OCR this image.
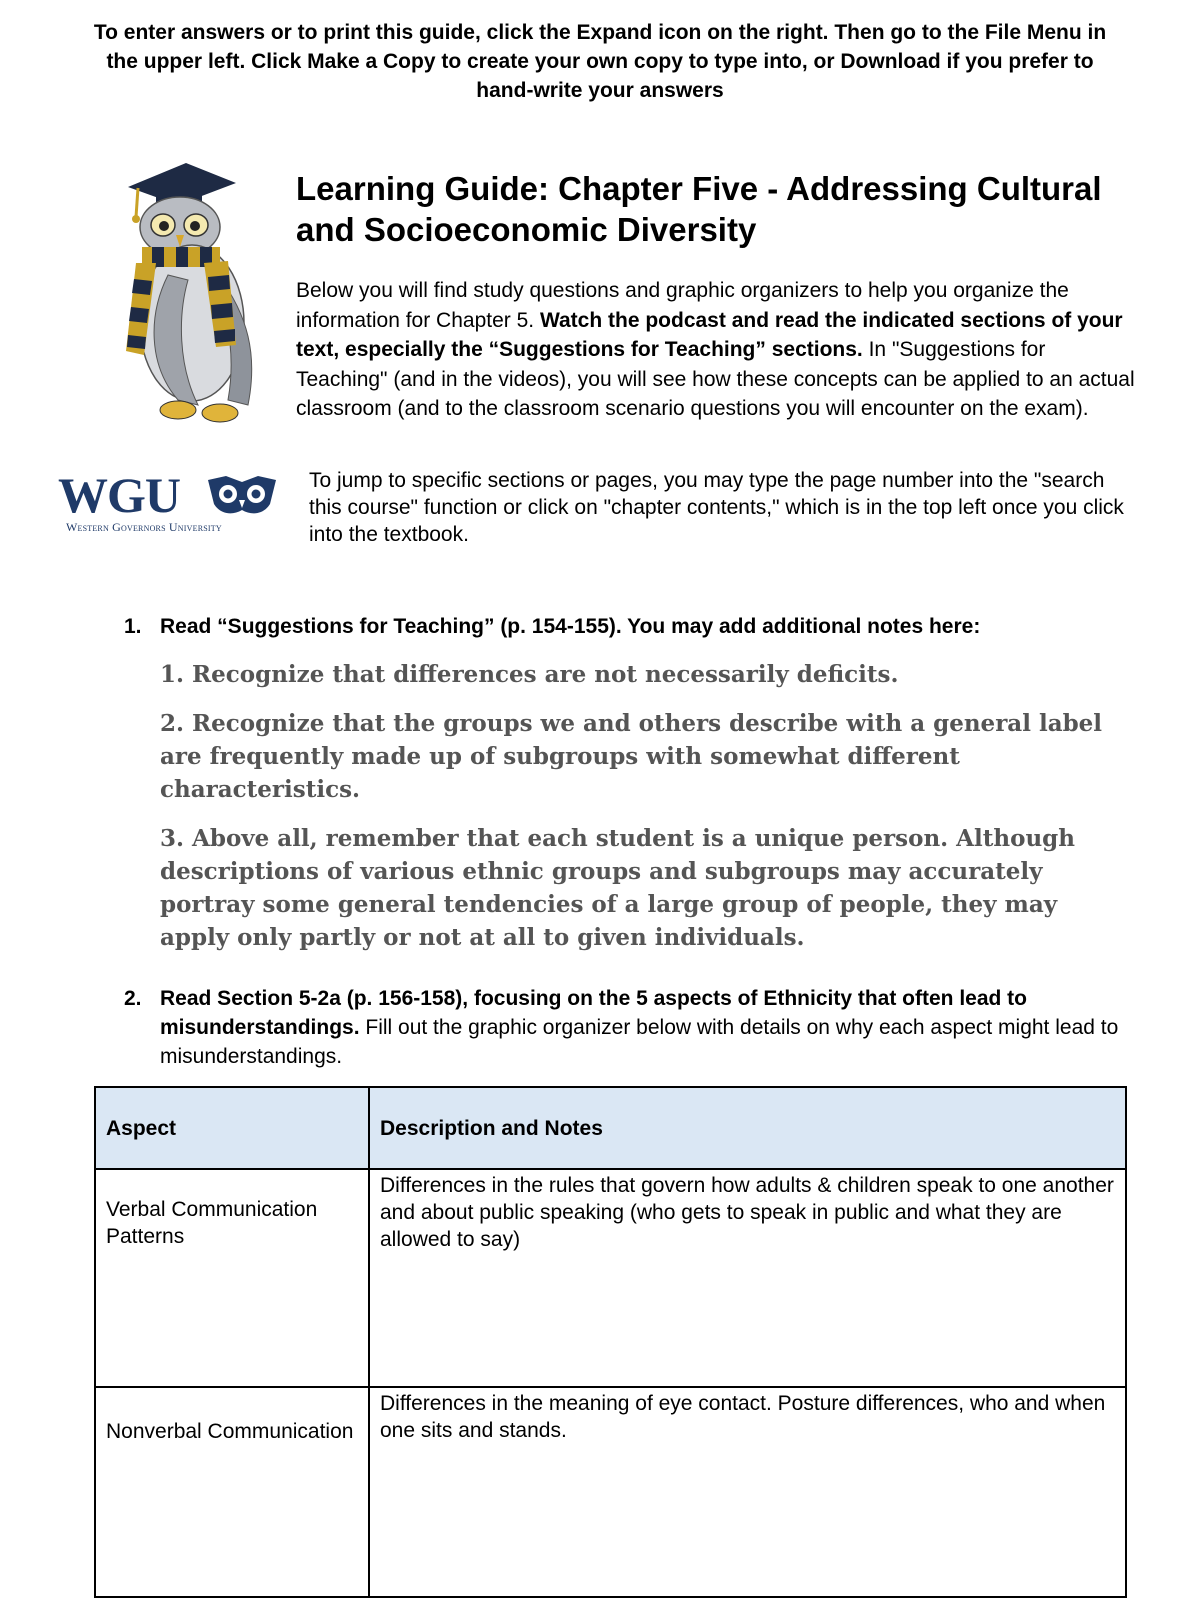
To enter answers or to print this guide, click the Expand icon on the right. Then go to the File Menu in the upper left. Click Make a Copy to create your own copy to type into, or Download if you prefer to hand-write your answers
WGU
Western Governors University
Learning Guide: Chapter Five - Addressing Cultural and Socioeconomic Diversity
Below you will find study questions and graphic organizers to help you organize the information for Chapter 5. Watch the podcast and read the indicated sections of your text, especially the “Suggestions for Teaching” sections. In "Suggestions for Teaching" (and in the videos), you will see how these concepts can be applied to an actual classroom (and to the classroom scenario questions you will encounter on the exam).
To jump to specific sections or pages, you may type the page number into the "search this course" function or click on "chapter contents," which is in the top left once you click into the textbook.
1. Read “Suggestions for Teaching” (p. 154-155). You may add additional notes here:

1. Recognize that differences are not necessarily deficits.

2. Recognize that the groups we and others describe with a general label are frequently made up of subgroups with somewhat different characteristics.

3. Above all, remember that each student is a unique person. Although descriptions of various ethnic groups and subgroups may accurately portray some general tendencies of a large group of people, they may apply only partly or not at all to given individuals.

2. Read Section 5-2a (p. 156-158), focusing on the 5 aspects of Ethnicity that often lead to misunderstandings. Fill out the graphic organizer below with details on why each aspect might lead to misunderstandings.
Aspect	Description and Notes
Verbal Communication Patterns	Differences in the rules that govern how adults & children speak to one another and about public speaking (who gets to speak in public and what they are allowed to say)
Nonverbal Communication	Differences in the meaning of eye contact. Posture differences, who and when one sits and stands.
